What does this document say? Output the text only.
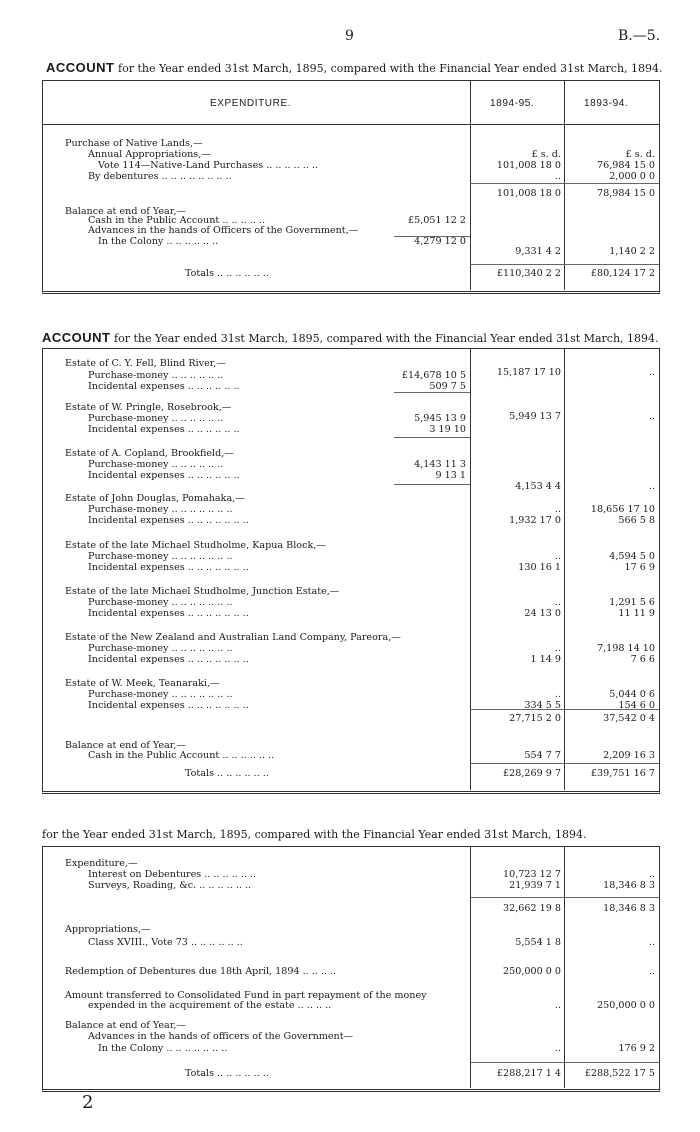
9	B.—5.
ACCOUNT for the Year ended 31st March, 1895, compared with the Financial Year ended 31st March, 1894.
EXPENDITURE.	1894-95.	1893-94.
Purchase of Native Lands,—
Annual Appropriations,—	£ s. d.	£ s. d.
Vote 114—Native-Land Purchases .. .. .. .. .. ..	101,008 18 0	76,984 15 0
By debentures .. .. .. .. .. .. .. ..	..	2,000 0 0
101,008 18 0	78,984 15 0
Balance at end of Year,—
Cash in the Public Account .. .. .. .. ..	£5,051 12 2
Advances in the hands of Officers of the Government,—
In the Colony .. .. .. .. .. ..	4,279 12 0
9,331 4 2	1,140 2 2
Totals .. .. .. .. .. ..	£110,340 2 2	£80,124 17 2
ACCOUNT for the Year ended 31st March, 1895, compared with the Financial Year ended 31st March, 1894.
Estate of C. Y. Fell, Blind River,—
Purchase-money .. .. .. .. .. ..	£14,678 10 5
Incidental expenses .. .. .. .. .. ..	509 7 5
15,187 17 10	..
Estate of W. Pringle, Rosebrook,—
Purchase-money .. .. .. .. .. ..	5,945 13 9
Incidental expenses .. .. .. .. .. ..	3 19 10
5,949 13 7	..
Estate of A. Copland, Brookfield,—
Purchase-money .. .. .. .. .. ..	4,143 11 3
Incidental expenses .. .. .. .. .. ..	9 13 1
4,153 4 4	..
Estate of John Douglas, Pomahaka,—
Purchase-money .. .. .. .. .. .. ..	..	18,656 17 10
Incidental expenses .. .. .. .. .. .. ..	1,932 17 0	566 5 8
Estate of the late Michael Studholme, Kapua Block,—
Purchase-money .. .. .. .. .. .. ..	..	4,594 5 0
Incidental expenses .. .. .. .. .. .. ..	130 16 1	17 6 9
Estate of the late Michael Studholme, Junction Estate,—
Purchase-money .. .. .. .. .. .. ..	..	1,291 5 6
Incidental expenses .. .. .. .. .. .. ..	24 13 0	11 11 9
Estate of the New Zealand and Australian Land Company, Pareora,—
Purchase-money .. .. .. .. .. .. ..	..	7,198 14 10
Incidental expenses .. .. .. .. .. .. ..	1 14 9	7 6 6
Estate of W. Meek, Teanaraki,—
Purchase-money .. .. .. .. .. .. ..	..	5,044 0 6
Incidental expenses .. .. .. .. .. .. ..	334 5 5	154 6 0
27,715 2 0	37,542 0 4
Balance at end of Year,—
Cash in the Public Account .. .. .. .. .. ..	554 7 7	2,209 16 3
Totals .. .. .. .. .. ..	£28,269 9 7	£39,751 16 7
for the Year ended 31st March, 1895, compared with the Financial Year ended 31st March, 1894.
Expenditure,—
Interest on Debentures .. .. .. .. .. ..	10,723 12 7	..
Surveys, Roading, &c. .. .. .. .. .. ..	21,939 7 1	18,346 8 3
32,662 19 8	18,346 8 3
Appropriations,—
Class XVIII., Vote 73 .. .. .. .. .. ..	5,554 1 8	..
Redemption of Debentures due 18th April, 1894 .. .. .. ..	250,000 0 0	..
Amount transferred to Consolidated Fund in part repayment of the money
expended in the acquirement of the estate .. .. .. ..	..	250,000 0 0
Balance at end of Year,—
Advances in the hands of officers of the Government—
In the Colony .. .. .. .. .. .. ..	..	176 9 2
Totals .. .. .. .. .. ..	£288,217 1 4 £288,522 17 5
2
